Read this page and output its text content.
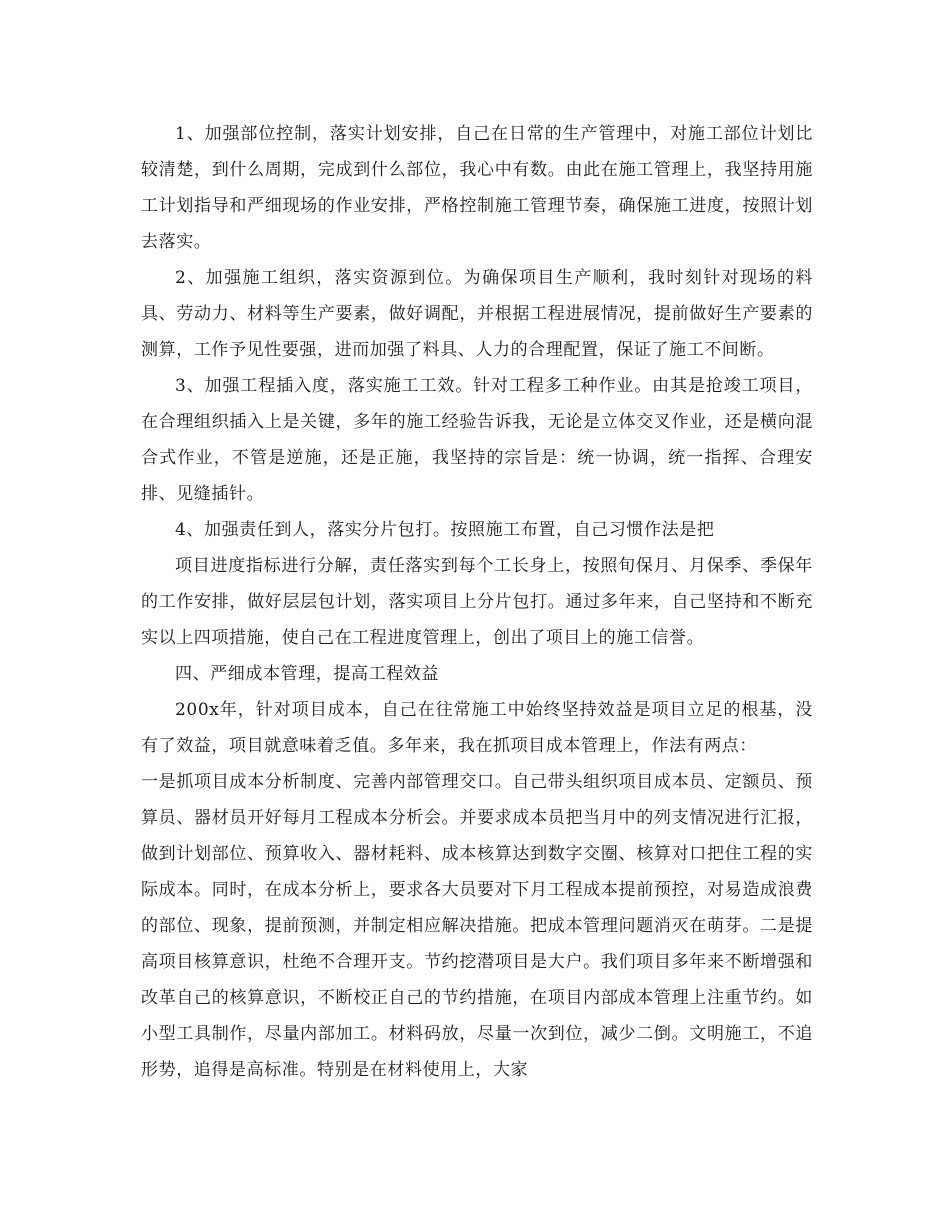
1、加强部位控制，落实计划安排，自己在日常的生产管理中，对施工部位计划比较清楚，到什么周期，完成到什么部位，我心中有数。由此在施工管理上，我坚持用施工计划指导和严细现场的作业安排，严格控制施工管理节奏，确保施工进度，按照计划去落实。

2、加强施工组织，落实资源到位。为确保项目生产顺利，我时刻针对现场的料具、劳动力、材料等生产要素，做好调配，并根据工程进展情况，提前做好生产要素的测算，工作予见性要强，进而加强了料具、人力的合理配置，保证了施工不间断。

3、加强工程插入度，落实施工工效。针对工程多工种作业。由其是抢竣工项目，在合理组织插入上是关键，多年的施工经验告诉我，无论是立体交叉作业，还是横向混合式作业，不管是逆施，还是正施，我坚持的宗旨是：统一协调，统一指挥、合理安排、见缝插针。

4、加强责任到人，落实分片包打。按照施工布置，自己习惯作法是把

项目进度指标进行分解，责任落实到每个工长身上，按照旬保月、月保季、季保年的工作安排，做好层层包计划，落实项目上分片包打。通过多年来，自己坚持和不断充实以上四项措施，使自己在工程进度管理上，创出了项目上的施工信誉。

四、严细成本管理，提高工程效益

200x年，针对项目成本，自己在往常施工中始终坚持效益是项目立足的根基，没有了效益，项目就意味着乏值。多年来，我在抓项目成本管理上，作法有两点：

一是抓项目成本分析制度、完善内部管理交口。自己带头组织项目成本员、定额员、预算员、器材员开好每月工程成本分析会。并要求成本员把当月中的列支情况进行汇报，做到计划部位、预算收入、器材耗料、成本核算达到数字交圈、核算对口把住工程的实际成本。同时，在成本分析上，要求各大员要对下月工程成本提前预控，对易造成浪费的部位、现象，提前预测，并制定相应解决措施。把成本管理问题消灭在萌芽。二是提高项目核算意识，杜绝不合理开支。节约挖潜项目是大户。我们项目多年来不断增强和改革自己的核算意识，不断校正自己的节约措施，在项目内部成本管理上注重节约。如小型工具制作，尽量内部加工。材料码放，尽量一次到位，减少二倒。文明施工，不追形势，追得是高标准。特别是在材料使用上，大家
